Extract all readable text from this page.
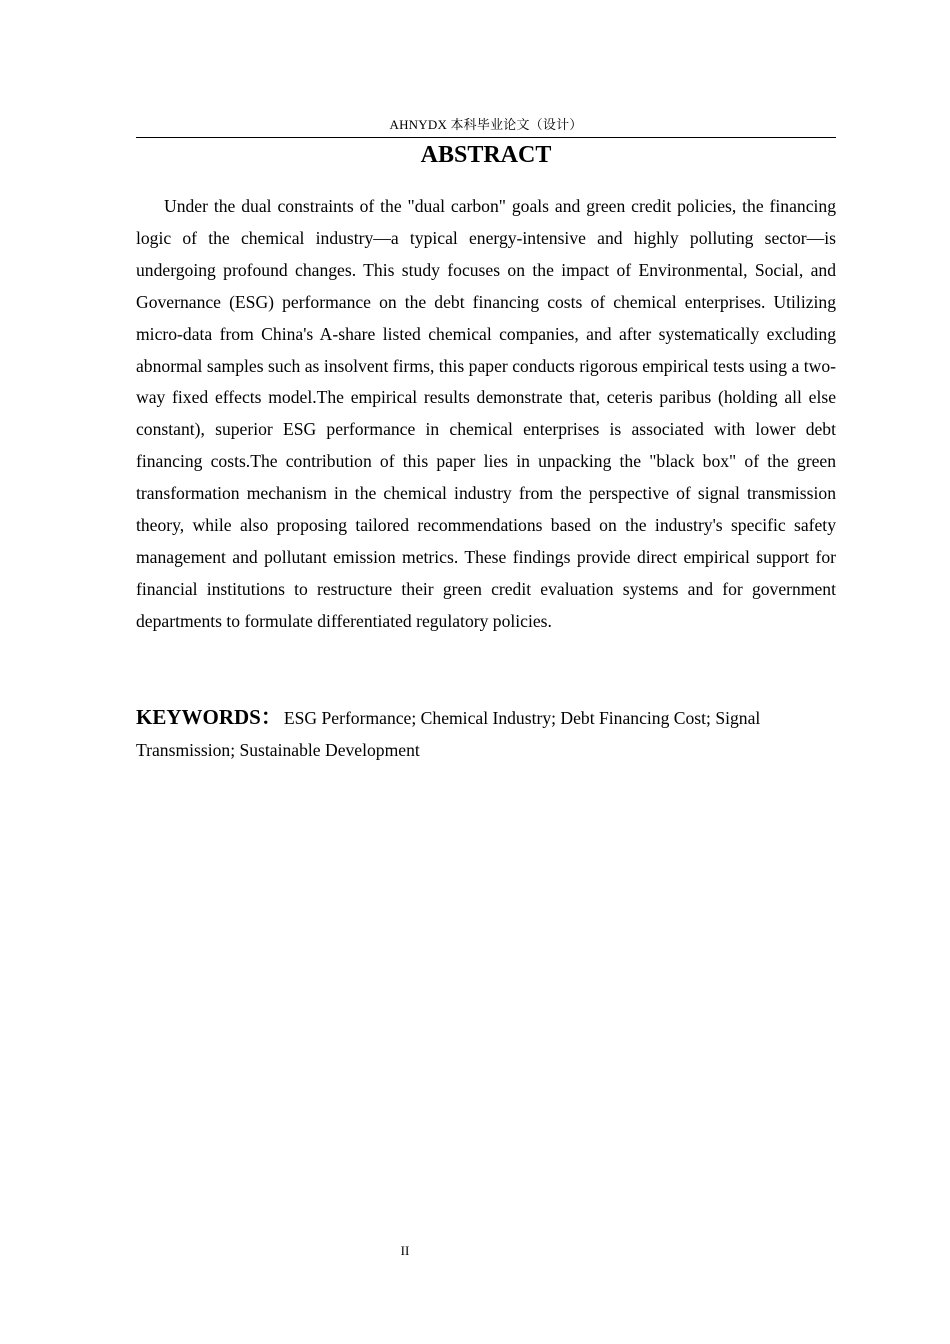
AHNYDX 本科毕业论文（设计）
ABSTRACT

Under the dual constraints of the "dual carbon" goals and green credit policies, the financing logic of the chemical industry—a typical energy-intensive and highly polluting sector—is undergoing profound changes. This study focuses on the impact of Environmental, Social, and Governance (ESG) performance on the debt financing costs of chemical enterprises. Utilizing micro-data from China's A-share listed chemical companies, and after systematically excluding abnormal samples such as insolvent firms, this paper conducts rigorous empirical tests using a two-way fixed effects model.The empirical results demonstrate that, ceteris paribus (holding all else constant), superior ESG performance in chemical enterprises is associated with lower debt financing costs.The contribution of this paper lies in unpacking the "black box" of the green transformation mechanism in the chemical industry from the perspective of signal transmission theory, while also proposing tailored recommendations based on the industry's specific safety management and pollutant emission metrics. These findings provide direct empirical support for financial institutions to restructure their green credit evaluation systems and for government departments to formulate differentiated regulatory policies.

KEYWORDS： ESG Performance; Chemical Industry; Debt Financing Cost; Signal Transmission; Sustainable Development

II
